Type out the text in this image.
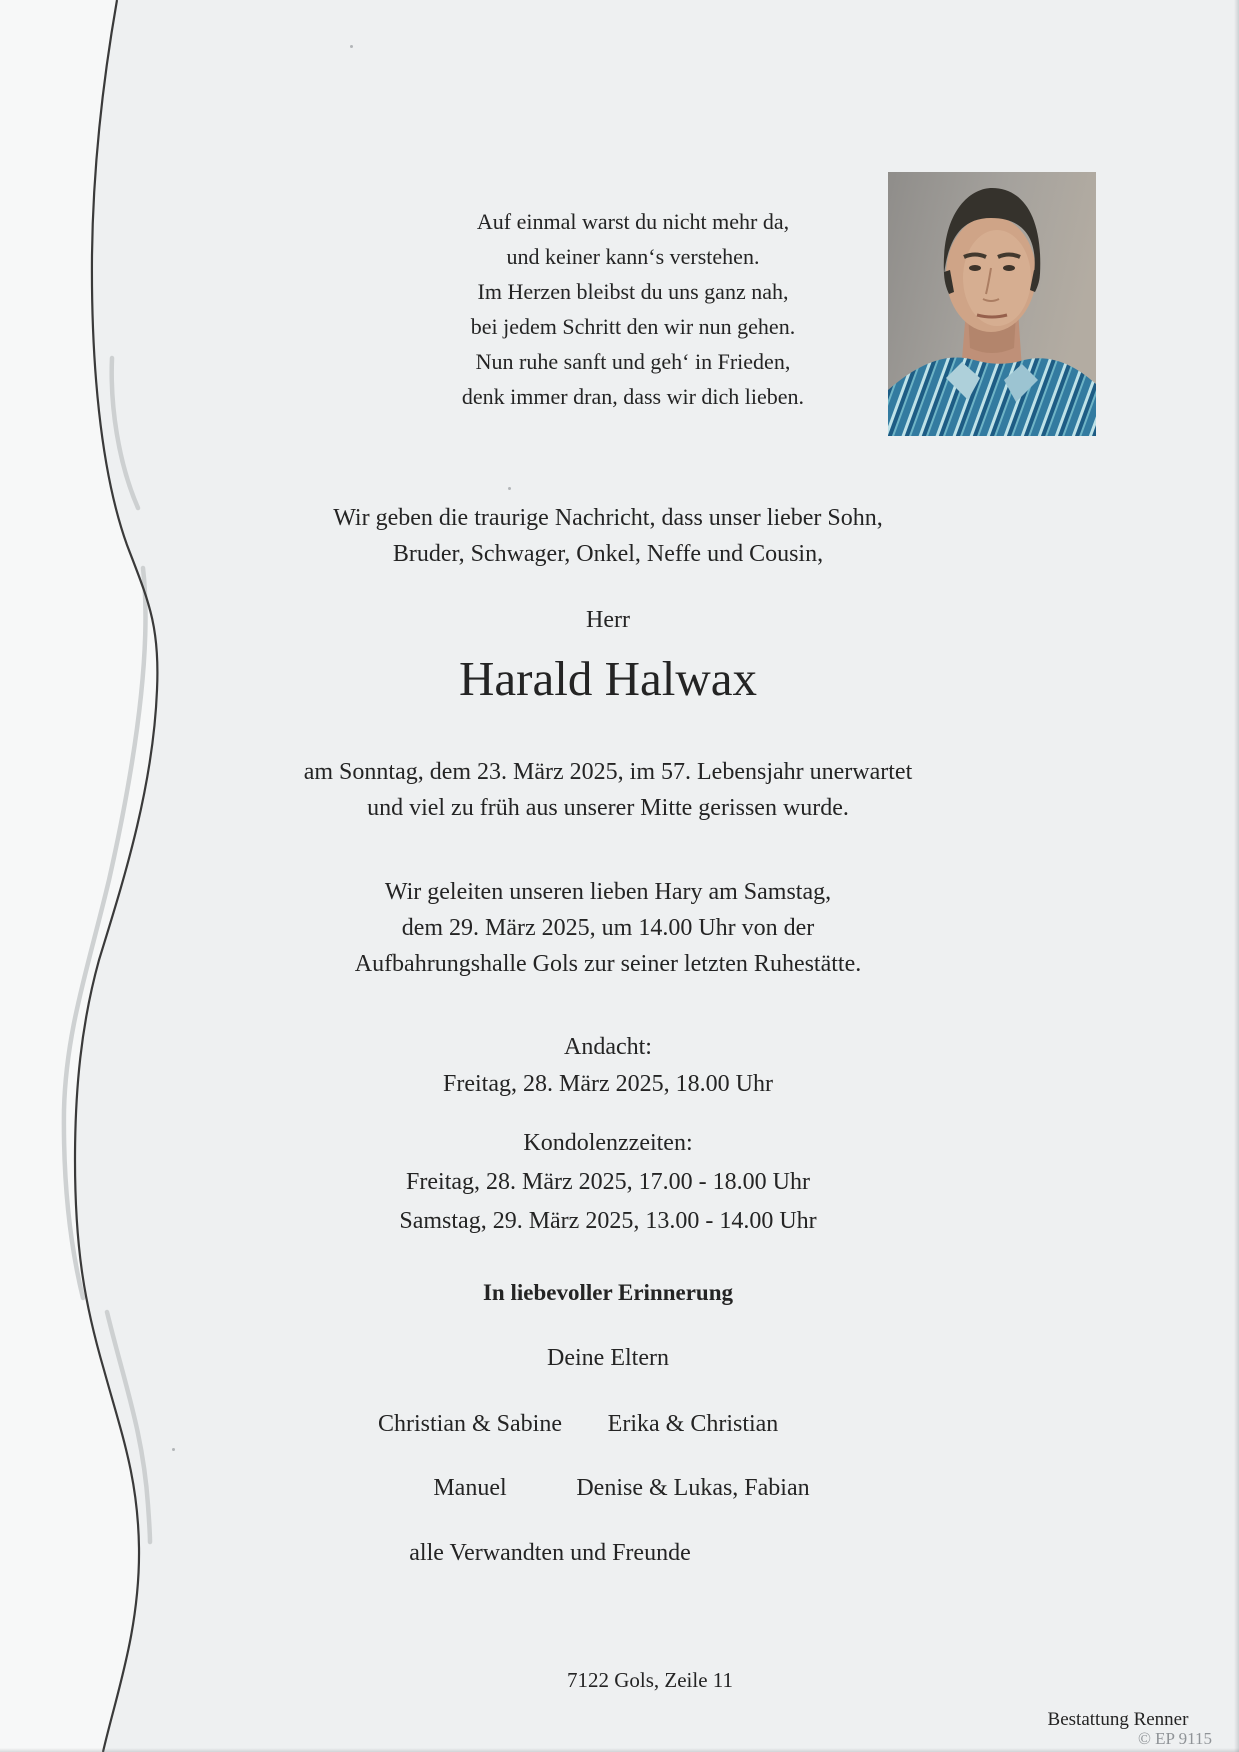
Auf einmal warst du nicht mehr da,
und keiner kann‘s verstehen.
Im Herzen bleibst du uns ganz nah,
bei jedem Schritt den wir nun gehen.
Nun ruhe sanft und geh‘ in Frieden,
denk immer dran, dass wir dich lieben.
Wir geben die traurige Nachricht, dass unser lieber Sohn,
Bruder, Schwager, Onkel, Neffe und Cousin,
Herr
Harald Halwax
am Sonntag, dem 23. März 2025, im 57. Lebensjahr unerwartet
und viel zu früh aus unserer Mitte gerissen wurde.
Wir geleiten unseren lieben Hary am Samstag,
dem 29. März 2025, um 14.00 Uhr von der
Aufbahrungshalle Gols zur seiner letzten Ruhestätte.
Andacht:
Freitag, 28. März 2025, 18.00 Uhr
Kondolenzzeiten:
Freitag, 28. März 2025, 17.00 - 18.00 Uhr
Samstag, 29. März 2025, 13.00 - 14.00 Uhr
In liebevoller Erinnerung
Deine Eltern
Christian & Sabine	Erika & Christian
Manuel	Denise & Lukas, Fabian
alle Verwandten und Freunde
7122 Gols, Zeile 11
Bestattung Renner
© EP 9115
